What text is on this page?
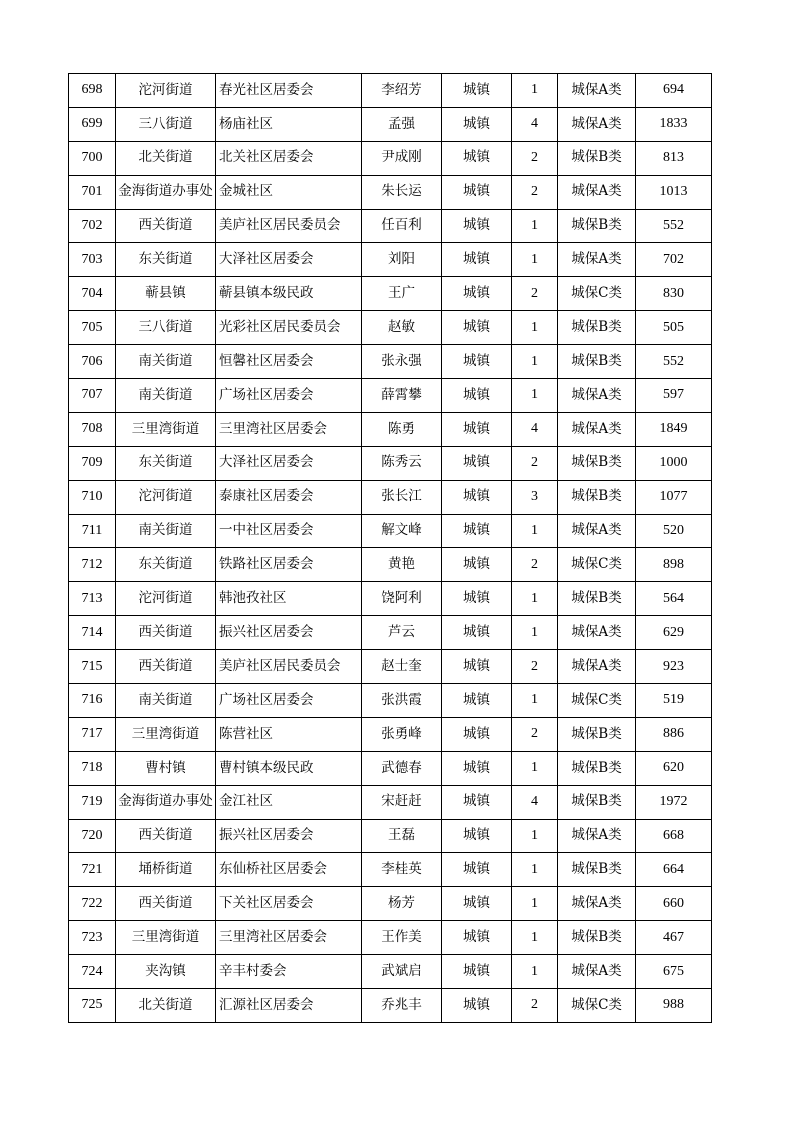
698	沱河街道	春光社区居委会	李绍芳	城镇	1	城保A类	694
699	三八街道	杨庙社区	孟强	城镇	4	城保A类	1833
700	北关街道	北关社区居委会	尹成刚	城镇	2	城保B类	813
701	金海街道办事处	金城社区	朱长运	城镇	2	城保A类	1013
702	西关街道	美庐社区居民委员会	任百利	城镇	1	城保B类	552
703	东关街道	大泽社区居委会	刘阳	城镇	1	城保A类	702
704	蕲县镇	蕲县镇本级民政	王广	城镇	2	城保C类	830
705	三八街道	光彩社区居民委员会	赵敏	城镇	1	城保B类	505
706	南关街道	恒馨社区居委会	张永强	城镇	1	城保B类	552
707	南关街道	广场社区居委会	薛霄攀	城镇	1	城保A类	597
708	三里湾街道	三里湾社区居委会	陈勇	城镇	4	城保A类	1849
709	东关街道	大泽社区居委会	陈秀云	城镇	2	城保B类	1000
710	沱河街道	泰康社区居委会	张长江	城镇	3	城保B类	1077
711	南关街道	一中社区居委会	解文峰	城镇	1	城保A类	520
712	东关街道	铁路社区居委会	黄艳	城镇	2	城保C类	898
713	沱河街道	韩池孜社区	饶阿利	城镇	1	城保B类	564
714	西关街道	振兴社区居委会	芦云	城镇	1	城保A类	629
715	西关街道	美庐社区居民委员会	赵士奎	城镇	2	城保A类	923
716	南关街道	广场社区居委会	张洪霞	城镇	1	城保C类	519
717	三里湾街道	陈营社区	张勇峰	城镇	2	城保B类	886
718	曹村镇	曹村镇本级民政	武德春	城镇	1	城保B类	620
719	金海街道办事处	金江社区	宋赶赶	城镇	4	城保B类	1972
720	西关街道	振兴社区居委会	王磊	城镇	1	城保A类	668
721	埇桥街道	东仙桥社区居委会	李桂英	城镇	1	城保B类	664
722	西关街道	下关社区居委会	杨芳	城镇	1	城保A类	660
723	三里湾街道	三里湾社区居委会	王作美	城镇	1	城保B类	467
724	夹沟镇	辛丰村委会	武斌启	城镇	1	城保A类	675
725	北关街道	汇源社区居委会	乔兆丰	城镇	2	城保C类	988
